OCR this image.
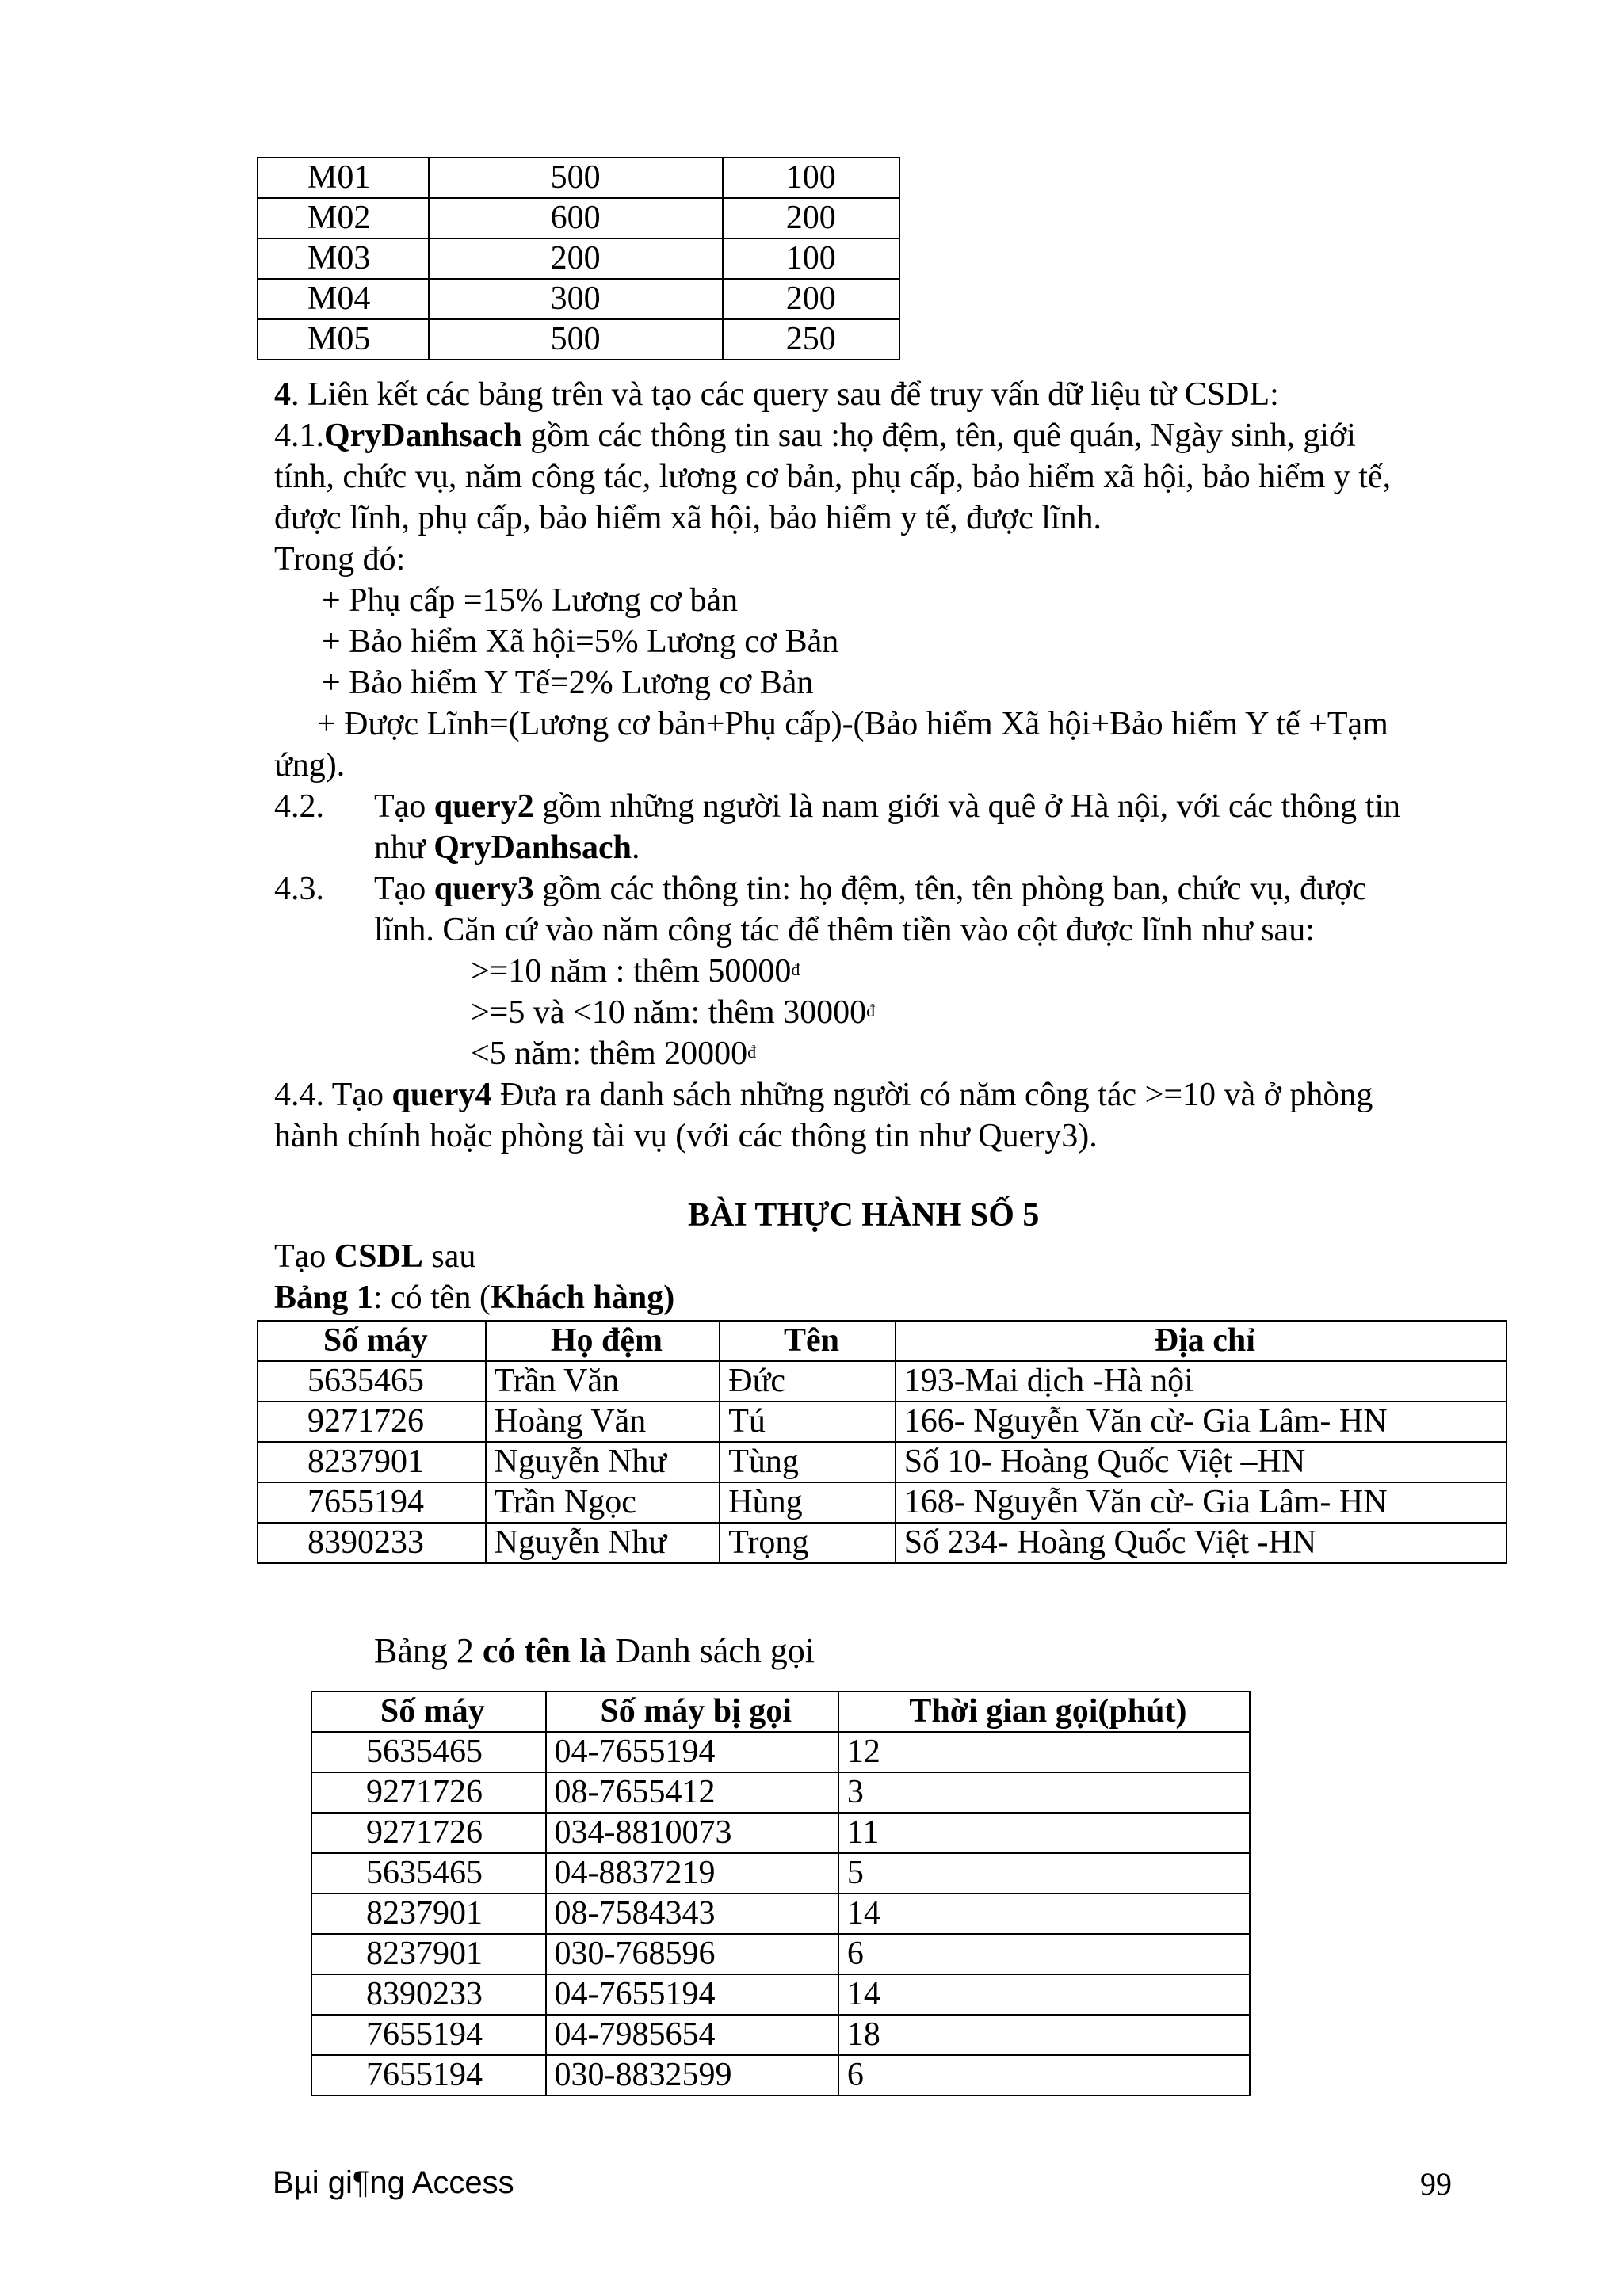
M01	500	100
M02	600	200
M03	200	100
M04	300	200
M05	500	250
4. Liên kết các bảng trên và tạo các query sau để truy vấn dữ liệu từ CSDL:
4.1.QryDanhsach gồm các thông tin sau :họ đệm, tên, quê quán, Ngày sinh, giới
tính, chức vụ, năm công tác, lương cơ bản, phụ cấp, bảo hiểm xã hội, bảo hiểm y tế,
được lĩnh, phụ cấp, bảo hiểm xã hội, bảo hiểm y tế, được lĩnh.
Trong đó:
+ Phụ cấp =15% Lương cơ bản
+ Bảo hiểm Xã hội=5% Lương cơ Bản
+ Bảo hiểm Y Tế=2% Lương cơ Bản
+ Được Lĩnh=(Lương cơ bản+Phụ cấp)-(Bảo hiểm Xã hội+Bảo hiểm Y tế +Tạm
ứng).
4.2. Tạo query2 gồm những người là nam giới và quê ở Hà nội, với các thông tin
như QryDanhsach.
4.3. Tạo query3 gồm các thông tin: họ đệm, tên, tên phòng ban, chức vụ, được
lĩnh. Căn cứ vào năm công tác để thêm tiền vào cột được lĩnh như sau:
>=10 năm : thêm $50000^đ$
>=5 và <10 năm: thêm $30000^đ$
<5 năm: thêm $20000^đ$
4.4. Tạo query4 Đưa ra danh sách những người có năm công tác >=10 và ở phòng
hành chính hoặc phòng tài vụ (với các thông tin như Query3).
BÀI THỰC HÀNH SỐ 5
Tạo CSDL sau
Bảng 1: có tên (Khách hàng)
Số máy	Họ đệm	Tên	Địa chỉ
5635465	Trần Văn	Đức	193-Mai dịch -Hà nội
9271726	Hoàng Văn	Tú	166- Nguyễn Văn cừ- Gia Lâm- HN
8237901	Nguyễn Như	Tùng	Số 10- Hoàng Quốc Việt –HN
7655194	Trần Ngọc	Hùng	168- Nguyễn Văn cừ- Gia Lâm- HN
8390233	Nguyễn Như	Trọng	Số 234- Hoàng Quốc Việt -HN
Bảng 2 có tên là Danh sách gọi
Số máy	Số máy bị gọi	Thời gian gọi(phút)
5635465	04-7655194	12
9271726	08-7655412	3
9271726	034-8810073	11
5635465	04-8837219	5
8237901	08-7584343	14
8237901	030-768596	6
8390233	04-7655194	14
7655194	04-7985654	18
7655194	030-8832599	6
Bµi gi¶ng Access	99
